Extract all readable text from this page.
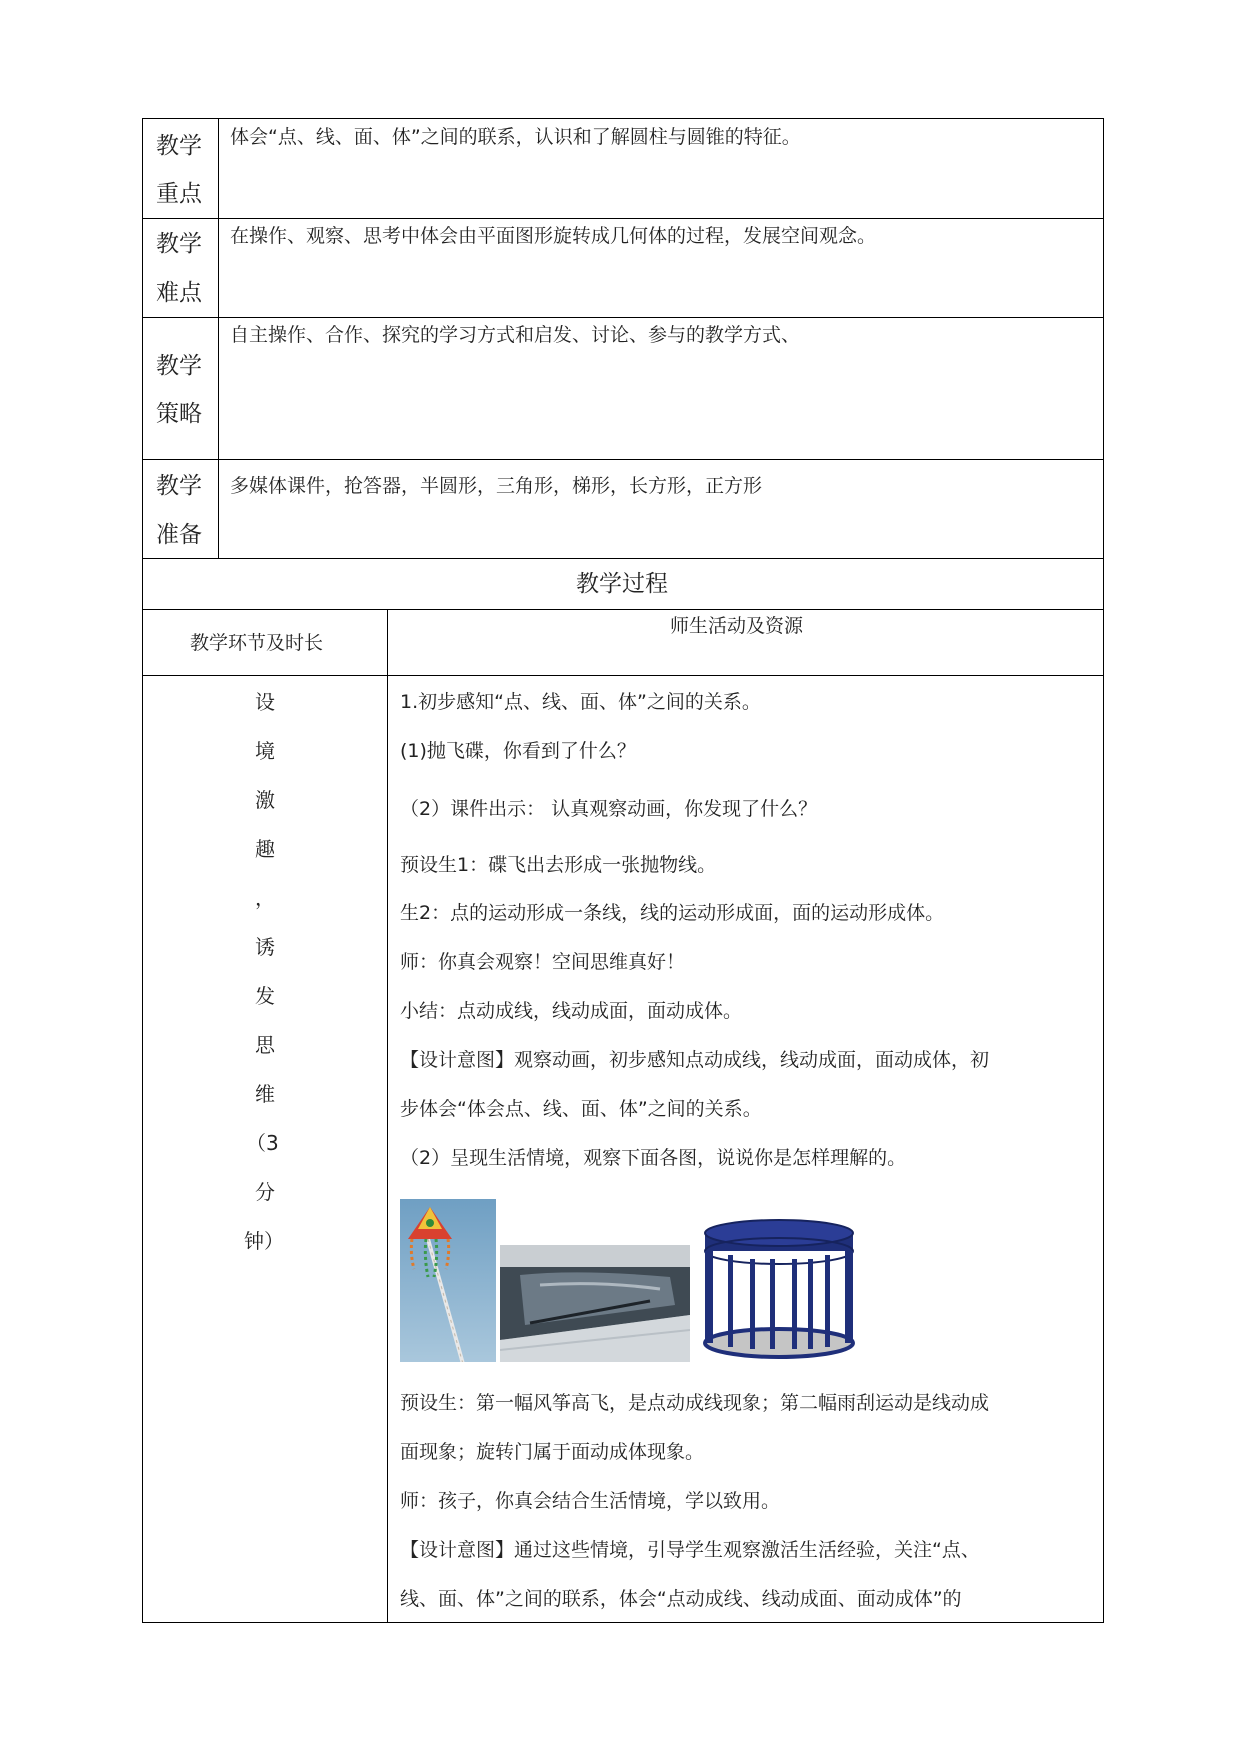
教学
重点
体会“点、线、面、体”之间的联系，认识和了解圆柱与圆锥的特征。
教学
难点
在操作、观察、思考中体会由平面图形旋转成几何体的过程，发展空间观念。
教学
策略
自主操作、合作、探究的学习方式和启发、讨论、参与的教学方式、
教学
准备
多媒体课件，抢答器，半圆形，三角形，梯形，长方形，正方形
教学过程
教学环节及时长
师生活动及资源
设
境
激
趣
，
诱
发
思
维
（3
分
钟）
1.初步感知“点、线、面、体”之间的关系。
(1)抛飞碟，你看到了什么？
（2）课件出示： 认真观察动画，你发现了什么？
预设生1：碟飞出去形成一张抛物线。
生2：点的运动形成一条线，线的运动形成面，面的运动形成体。
师：你真会观察！空间思维真好！
小结：点动成线，线动成面，面动成体。
【设计意图】观察动画，初步感知点动成线，线动成面，面动成体，初
步体会“体会点、线、面、体”之间的关系。
（2）呈现生活情境，观察下面各图，说说你是怎样理解的。
预设生：第一幅风筝高飞，是点动成线现象；第二幅雨刮运动是线动成
面现象；旋转门属于面动成体现象。
师：孩子，你真会结合生活情境，学以致用。
【设计意图】通过这些情境，引导学生观察激活生活经验，关注“点、
线、面、体”之间的联系，体会“点动成线、线动成面、面动成体”的
